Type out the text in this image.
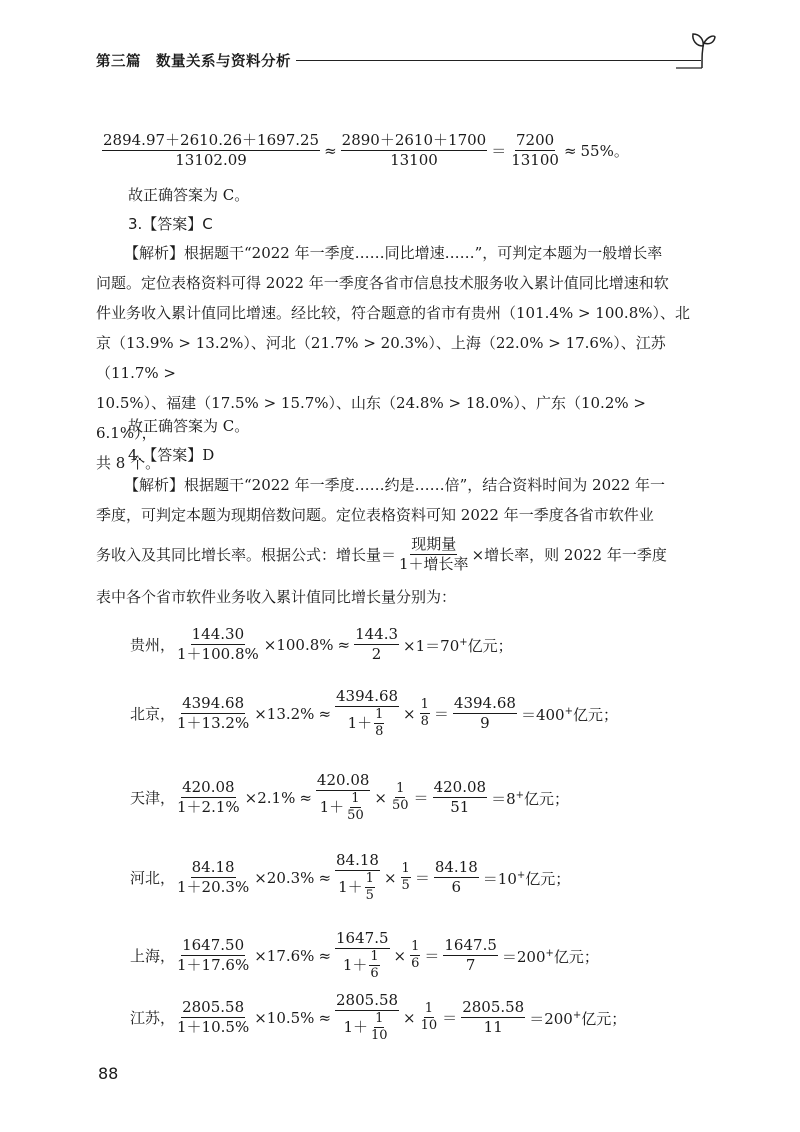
第三篇　数量关系与资料分析
$\frac{2894.97+2610.26+1697.25}{13102.09} \approx \frac{2890+2610+1700}{13100} = \frac{7200}{13100} \approx 55\%$。
故正确答案为 C。
3.【答案】C
【解析】根据题干“2022 年一季度……同比增速……”，可判定本题为一般增长率
问题。定位表格资料可得 2022 年一季度各省市信息技术服务收入累计值同比增速和软
件业务收入累计值同比增速。经比较，符合题意的省市有贵州（101.4% > 100.8%）、北
京（13.9% > 13.2%）、河北（21.7% > 20.3%）、上海（22.0% > 17.6%）、江苏（11.7% >
10.5%）、福建（17.5% > 15.7%）、山东（24.8% > 18.0%）、广东（10.2% > 6.1%），
共 8 个。
故正确答案为 C。
4.【答案】D
【解析】根据题干“2022 年一季度……约是……倍”，结合资料时间为 2022 年一
季度，可判定本题为现期倍数问题。定位表格资料可知 2022 年一季度各省市软件业
务收入及其同比增长率。根据公式：增长量＝ $\frac{\text{现期量}}{\text{1＋增长率}}$ ×增长率，则 2022 年一季度
表中各个省市软件业务收入累计值同比增长量分别为：
贵州， $\frac{144.30}{1+100.8\%} \times 100.8\% \approx \frac{144.3}{2} \times 1=70^+$亿元；
北京， $\frac{4394.68}{1+13.2\%} \times 13.2\% \approx \frac{4394.68}{1+ \frac{1}{8}} \times \frac{1}{8} = \frac{4394.68}{9} =400^+$亿元；
天津， $\frac{420.08}{1+2.1\%} \times 2.1\% \approx \frac{420.08}{1+ \frac{1}{50}} \times \frac{1}{50} = \frac{420.08}{51} =8^+$亿元；
河北， $\frac{84.18}{1+20.3\%} \times 20.3\% \approx \frac{84.18}{1+ \frac{1}{5}} \times \frac{1}{5} = \frac{84.18}{6} =10^+$亿元；
上海， $\frac{1647.50}{1+17.6\%} \times 17.6\% \approx \frac{1647.5}{1+ \frac{1}{6}} \times \frac{1}{6} = \frac{1647.5}{7} =200^+$亿元；
江苏， $\frac{2805.58}{1+10.5\%} \times 10.5\% \approx \frac{2805.58}{1+ \frac{1}{10}} \times \frac{1}{10} = \frac{2805.58}{11} =200^+$亿元；
88
